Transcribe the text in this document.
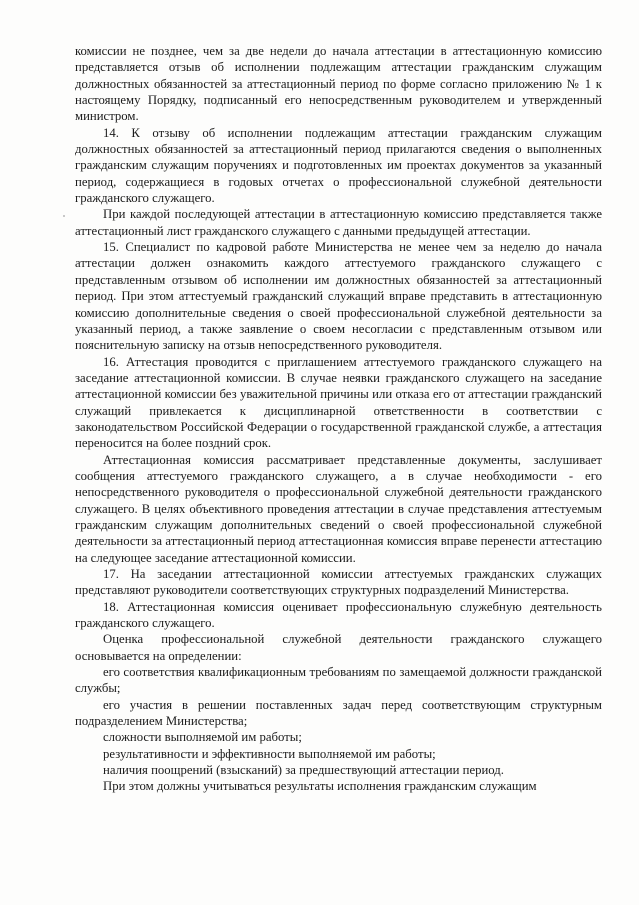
комиссии не позднее, чем за две недели до начала аттестации в аттестационную комиссию представляется отзыв об исполнении подлежащим аттестации гражданским служащим должностных обязанностей за аттестационный период по форме согласно приложению № 1 к настоящему Порядку, подписанный его непосредственным руководителем и утвержденный министром.

14. К отзыву об исполнении подлежащим аттестации гражданским служащим должностных обязанностей за аттестационный период прилагаются сведения о выполненных гражданским служащим поручениях и подготовленных им проектах документов за указанный период, содержащиеся в годовых отчетах о профессиональной служебной деятельности гражданского служащего.

При каждой последующей аттестации в аттестационную комиссию представляется также аттестационный лист гражданского служащего с данными предыдущей аттестации.

15. Специалист по кадровой работе Министерства не менее чем за неделю до начала аттестации должен ознакомить каждого аттестуемого гражданского служащего с представленным отзывом об исполнении им должностных обязанностей за аттестационный период. При этом аттестуемый гражданский служащий вправе представить в аттестационную комиссию дополнительные сведения о своей профессиональной служебной деятельности за указанный период, а также заявление о своем несогласии с представленным отзывом или пояснительную записку на отзыв непосредственного руководителя.

16. Аттестация проводится с приглашением аттестуемого гражданского служащего на заседание аттестационной комиссии. В случае неявки гражданского служащего на заседание аттестационной комиссии без уважительной причины или отказа его от аттестации гражданский служащий привлекается к дисциплинарной ответственности в соответствии с законодательством Российской Федерации о государственной гражданской службе, а аттестация переносится на более поздний срок.

Аттестационная комиссия рассматривает представленные документы, заслушивает сообщения аттестуемого гражданского служащего, а в случае необходимости - его непосредственного руководителя о профессиональной служебной деятельности гражданского служащего. В целях объективного проведения аттестации в случае представления аттестуемым гражданским служащим дополнительных сведений о своей профессиональной служебной деятельности за аттестационный период аттестационная комиссия вправе перенести аттестацию на следующее заседание аттестационной комиссии.

17. На заседании аттестационной комиссии аттестуемых гражданских служащих представляют руководители соответствующих структурных подразделений Министерства.

18. Аттестационная комиссия оценивает профессиональную служебную деятельность гражданского служащего.

Оценка профессиональной служебной деятельности гражданского служащего основывается на определении:

его соответствия квалификационным требованиям по замещаемой должности гражданской службы;

его участия в решении поставленных задач перед соответствующим структурным подразделением Министерства;

сложности выполняемой им работы;

результативности и эффективности выполняемой им работы;

наличия поощрений (взысканий) за предшествующий аттестации период.

При этом должны учитываться результаты исполнения гражданским служащим
